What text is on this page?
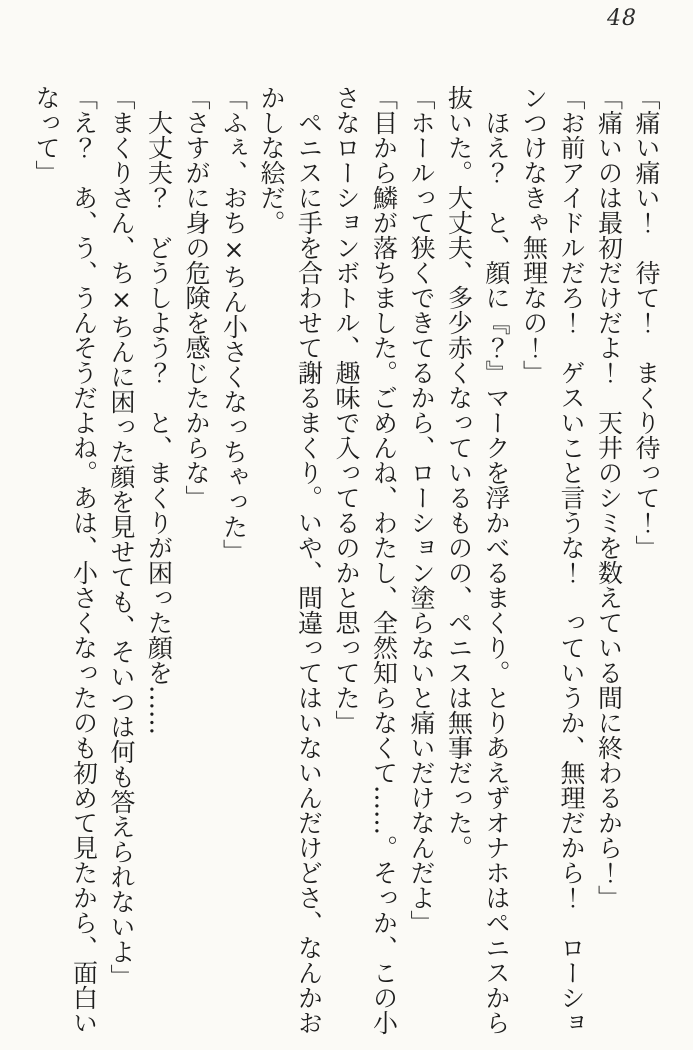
48

「痛い痛い！　待て！　まくり待って！」

「痛いのは最初だけだよ！　天井のシミを数えている間に終わるから！」

「お前アイドルだろ！　ゲスいこと言うな！　っていうか、無理だから！　ローションつけなきゃ無理なの！」

ほえ？　と、顔に『？』マークを浮かべるまくり。とりあえずオナホはペニスから抜いた。大丈夫、多少赤くなっているものの、ペニスは無事だった。

「ホールって狭くできてるから、ローション塗らないと痛いだけなんだよ」

「目から鱗が落ちました。ごめんね、わたし、全然知らなくて……。そっか、この小さなローションボトル、趣味で入ってるのかと思ってた」

ペニスに手を合わせて謝るまくり。いや、間違ってはいないんだけどさ、なんかおかしな絵だ。

「ふぇ、おち×ちん小さくなっちゃった」

「さすがに身の危険を感じたからな」

大丈夫？　どうしよう？　と、まくりが困った顔を……

「まくりさん、ち×ちんに困った顔を見せても、そいつは何も答えられないよ」

「え？　あ、う、うんそうだよね。あは、小さくなったのも初めて見たから、面白いなって」
